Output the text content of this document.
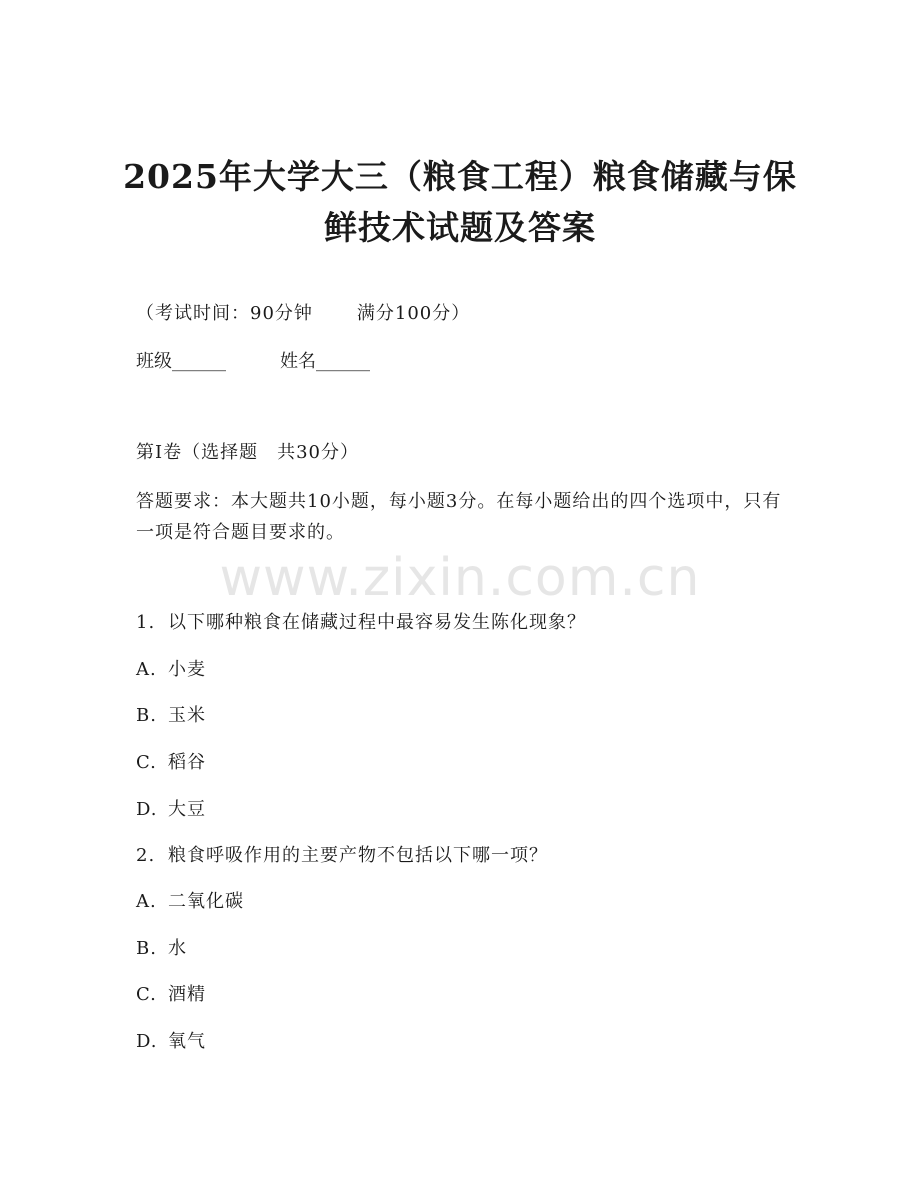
2025年大学大三（粮食工程）粮食储藏与保
鲜技术试题及答案
（考试时间：90分钟 满分100分）
班级______	姓名______
第Ⅰ卷（选择题　共30分）
答题要求：本大题共10小题，每小题3分。在每小题给出的四个选项中，只有一项是符合题目要求的。
www.zixin.com.cn
1. 以下哪种粮食在储藏过程中最容易发生陈化现象？
A. 小麦
B. 玉米
C. 稻谷
D. 大豆
2. 粮食呼吸作用的主要产物不包括以下哪一项？
A. 二氧化碳
B. 水
C. 酒精
D. 氧气
